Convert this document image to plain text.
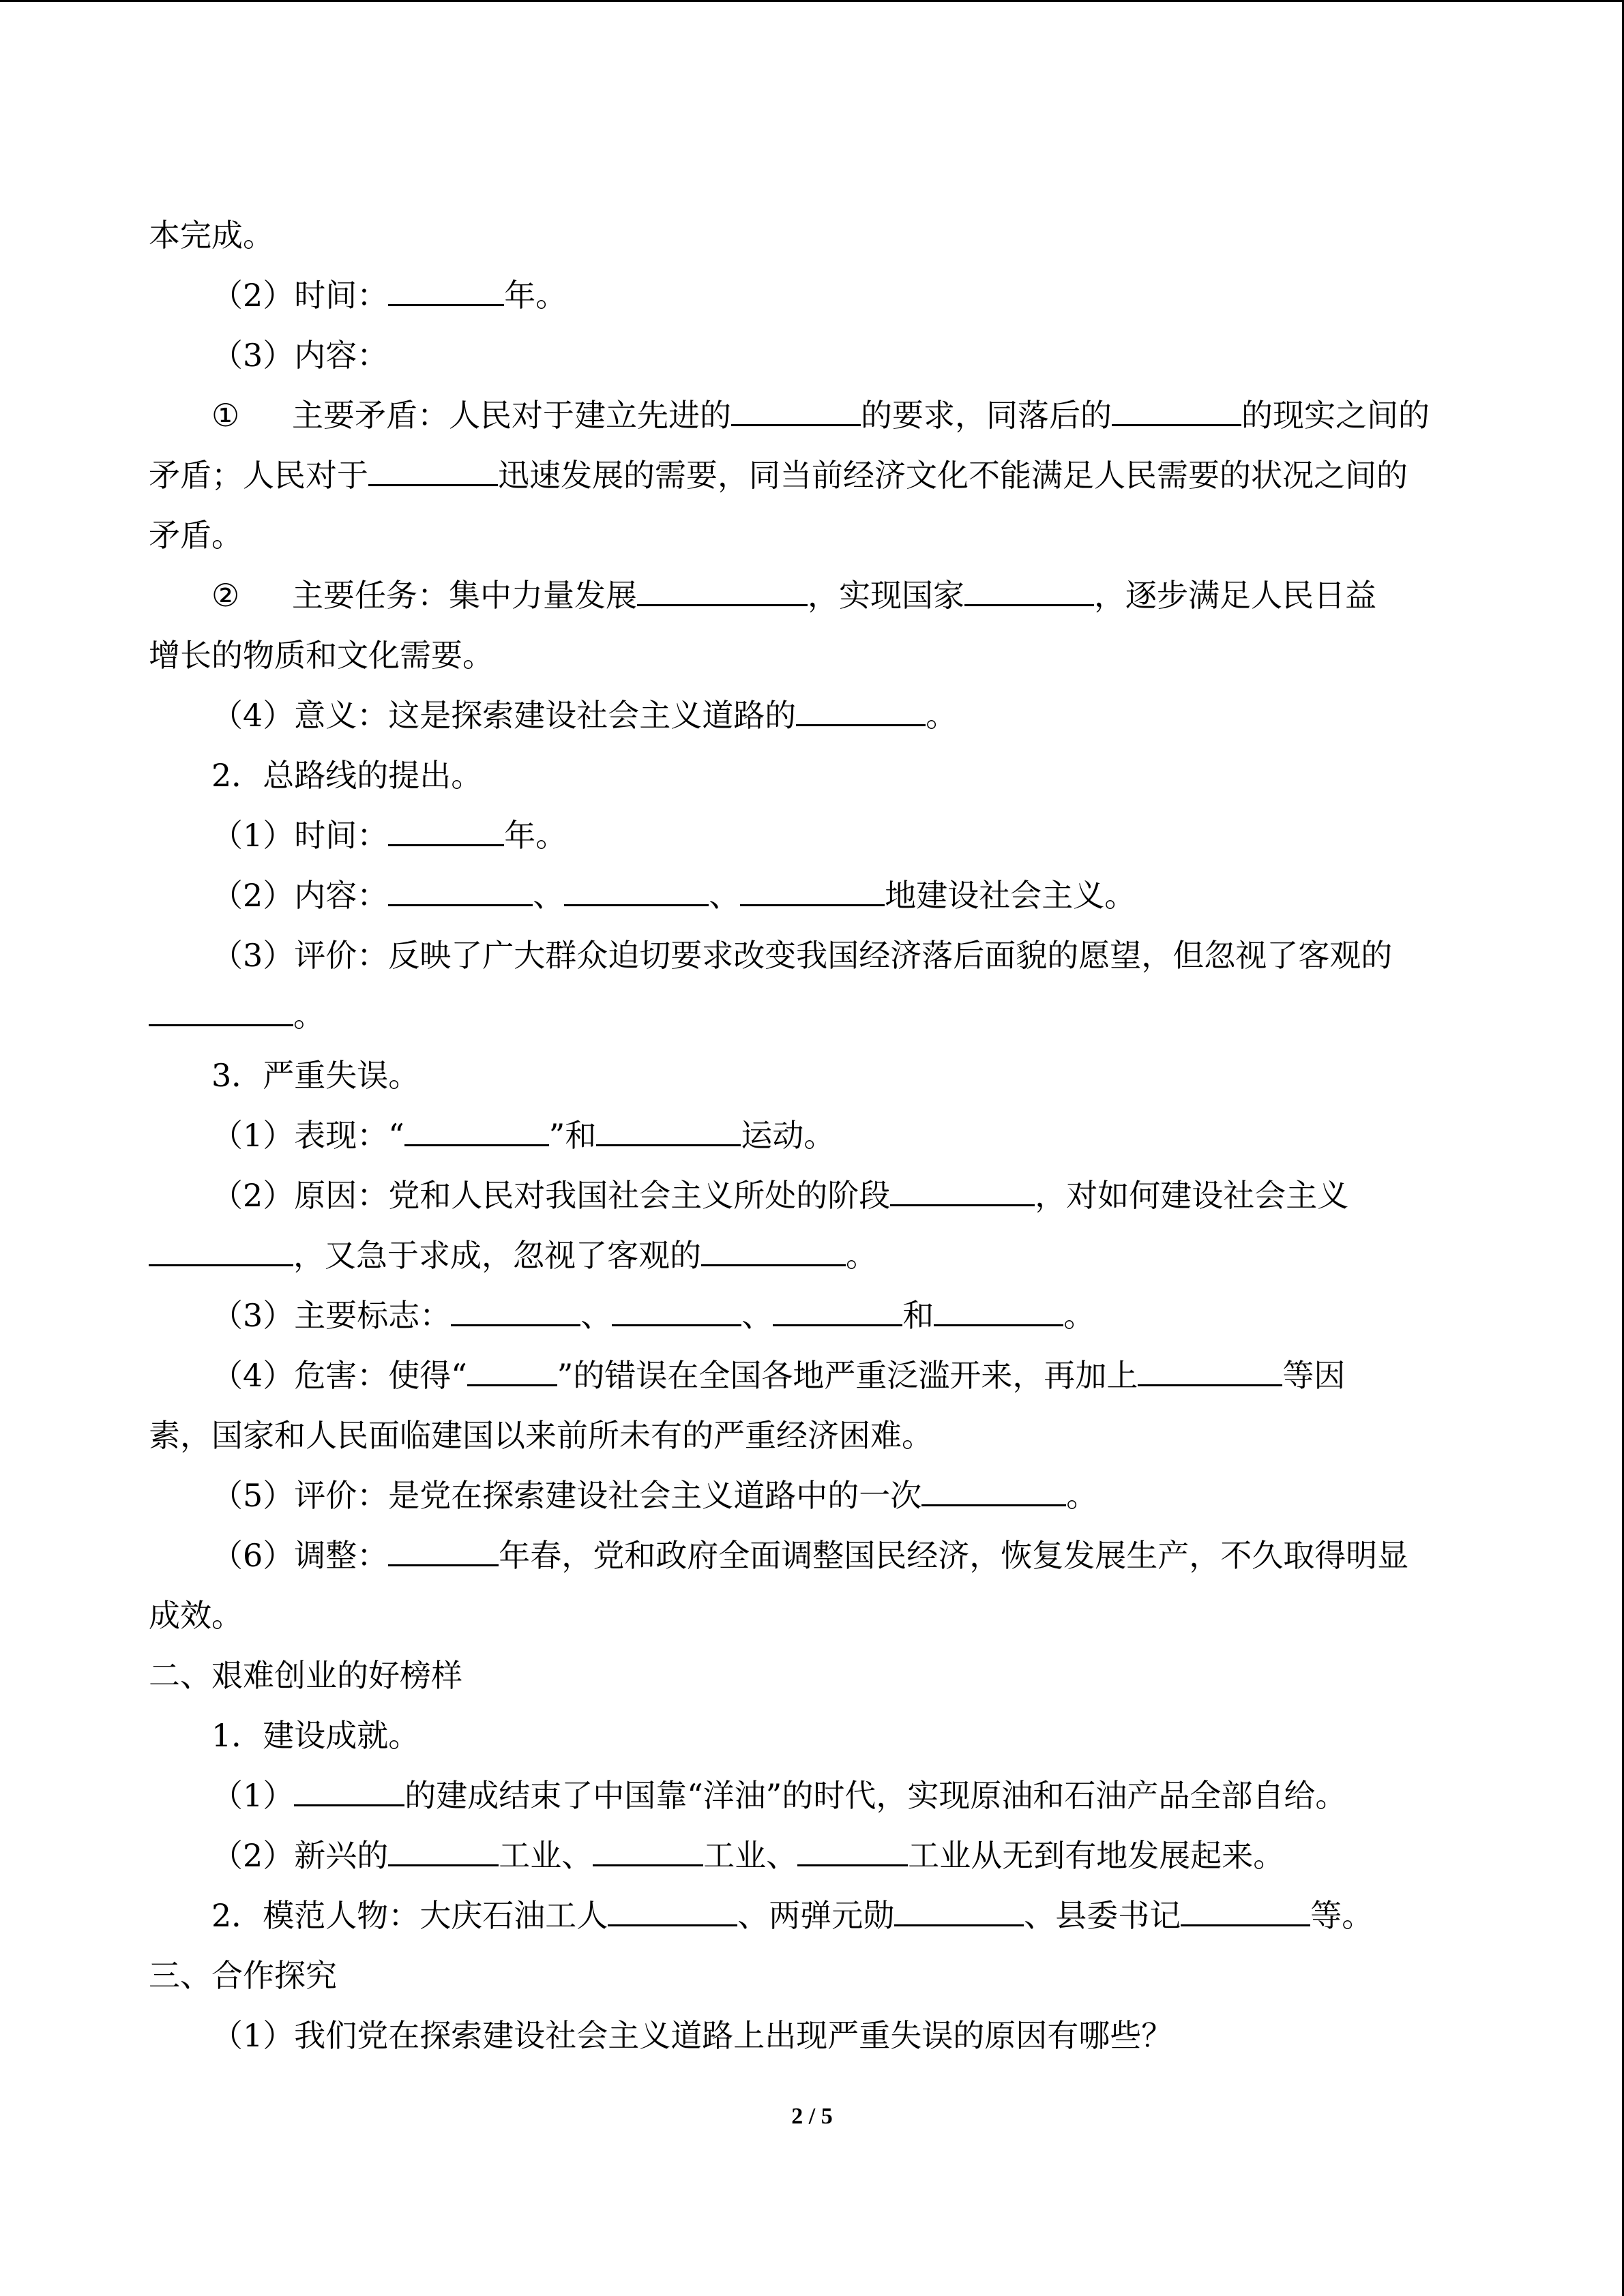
本完成。
（2）时间：	年。
（3）内容：
① 主要矛盾：人民对于建立先进的	的要求，同落后的	的现实之间的
矛盾；人民对于	迅速发展的需要，同当前经济文化不能满足人民需要的状况之间的
矛盾。
② 主要任务：集中力量发展	，实现国家	，逐步满足人民日益
增长的物质和文化需要。
（4）意义：这是探索建设社会主义道路的	。
2．总路线的提出。
（1）时间：	年。
（2）内容：	、	、	地建设社会主义。
（3）评价：反映了广大群众迫切要求改变我国经济落后面貌的愿望，但忽视了客观的
。
3．严重失误。
（1）表现：“	”和	运动。
（2）原因：党和人民对我国社会主义所处的阶段	，对如何建设社会主义
，又急于求成，忽视了客观的	。
（3）主要标志：	、	、	和	。
（4）危害：使得“	”的错误在全国各地严重泛滥开来，再加上	等因
素，国家和人民面临建国以来前所未有的严重经济困难。
（5）评价：是党在探索建设社会主义道路中的一次	。
（6）调整：	年春，党和政府全面调整国民经济，恢复发展生产，不久取得明显
成效。
二、艰难创业的好榜样
1．建设成就。
（1）	的建成结束了中国靠“洋油”的时代，实现原油和石油产品全部自给。
（2）新兴的	工业、	工业、	工业从无到有地发展起来。
2．模范人物：大庆石油工人	、两弹元勋	、县委书记	等。
三、合作探究
（1）我们党在探索建设社会主义道路上出现严重失误的原因有哪些？
2 / 5
